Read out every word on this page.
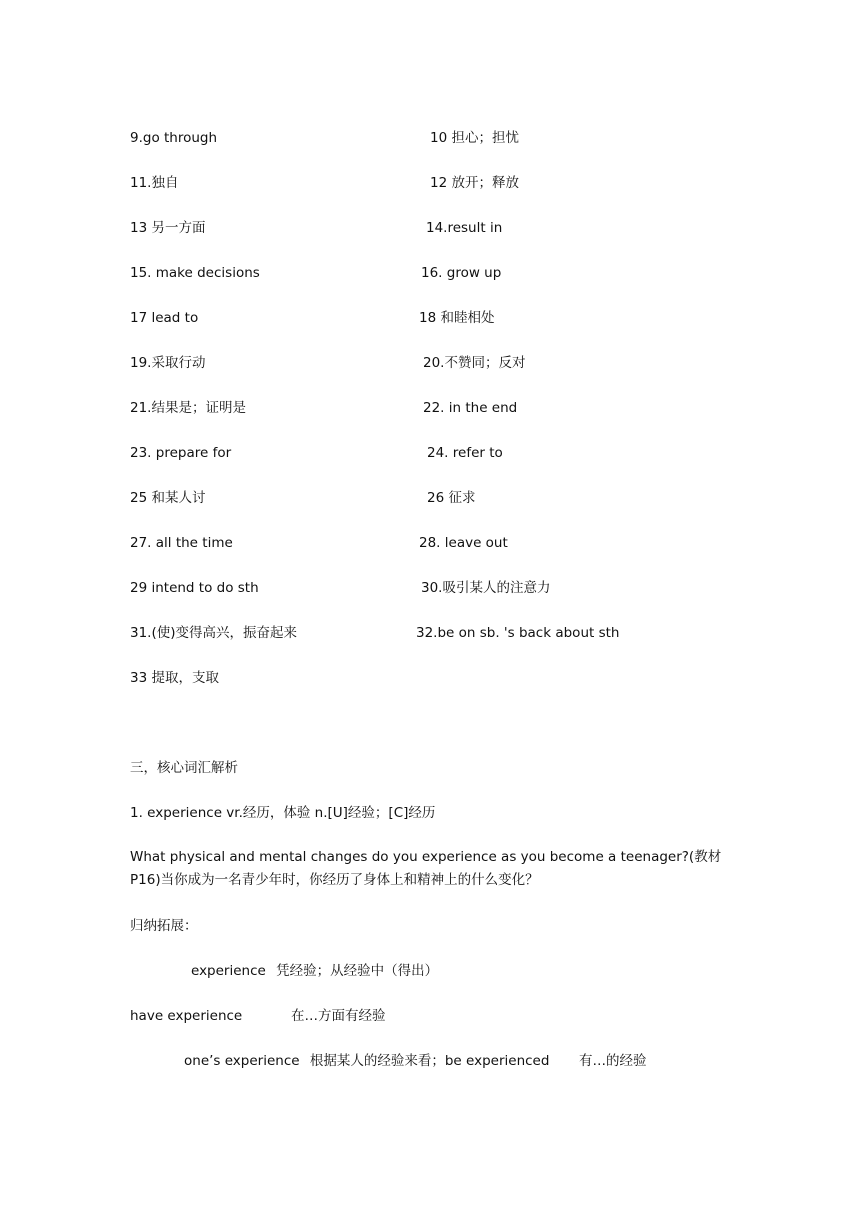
9.go through	10 担心；担忧
11.独自	12 放开；释放
13 另一方面	14.result in
15. make decisions	16. grow up
17 lead to	18 和睦相处
19.采取行动	20.不赞同；反对
21.结果是；证明是	22. in the end
23. prepare for	24. refer to
25 和某人讨	26 征求
27. all the time	28. leave out
29 intend to do sth	30.吸引某人的注意力
31.(使)变得高兴，振奋起来	32.be on sb. 's back about sth
33 提取，支取
三，核心词汇解析
1. experience vr.经历，体验 n.[U]经验；[C]经历
What physical and mental changes do you experience as you become a teenager?(教材 P16)当你成为一名青少年时，你经历了身体上和精神上的什么变化？
归纳拓展：
experience 凭经验；从经验中（得出）
have experience	在…方面有经验
one’s experience 根据某人的经验来看；be experienced 有…的经验
